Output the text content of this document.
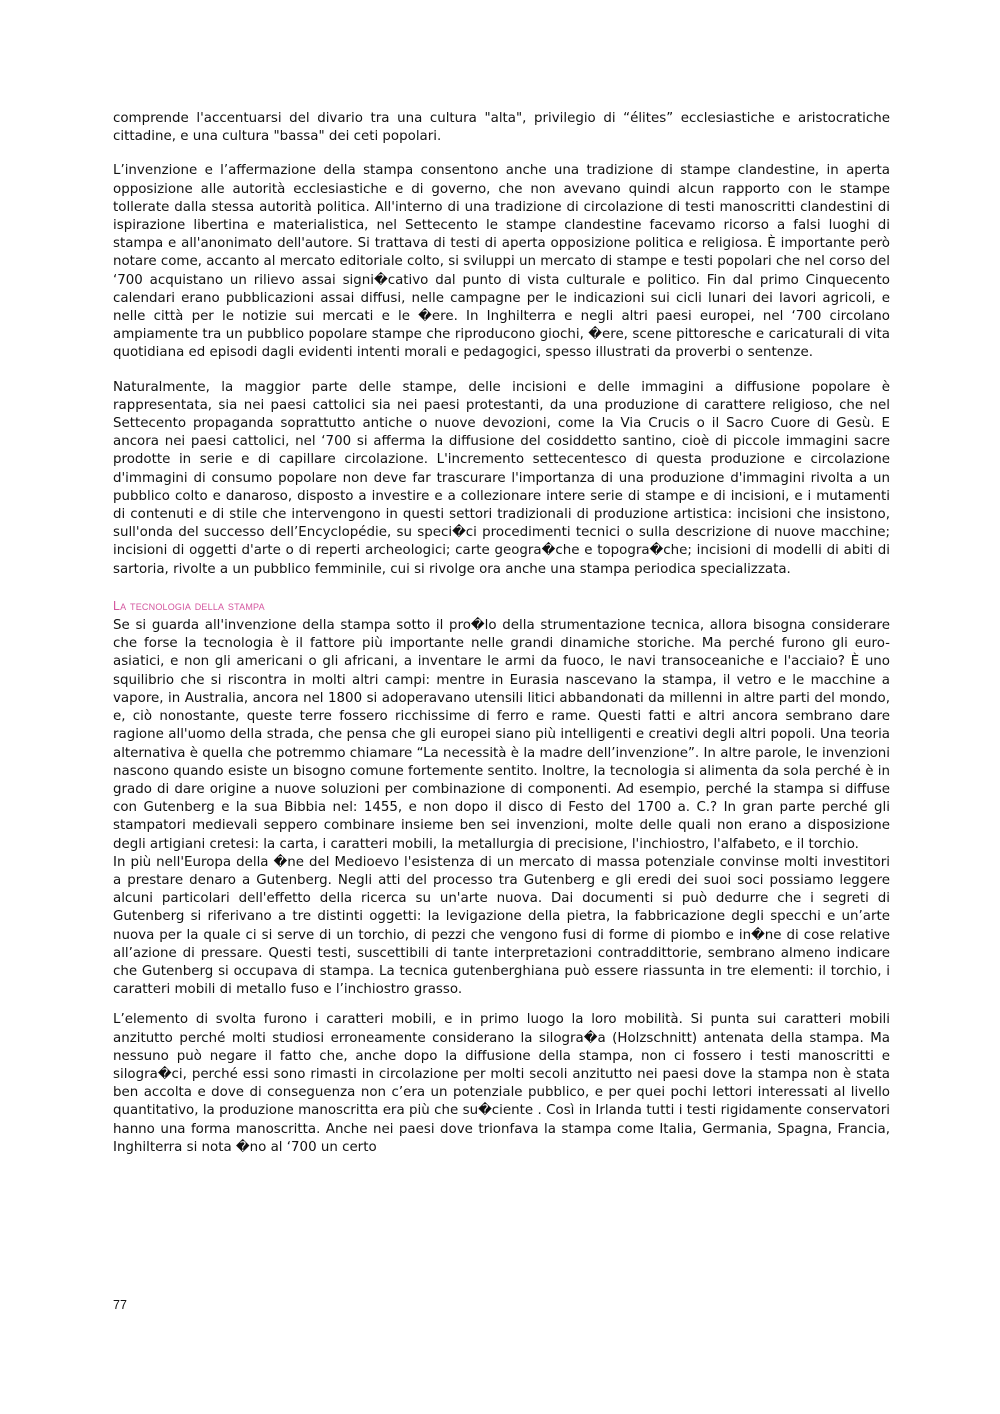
comprende l'accentuarsi del divario tra una cultura "alta", privilegio di “élites” ecclesiastiche e aristocratiche cittadine, e una cultura "bassa" dei ceti popolari.

L’invenzione e l’affermazione della stampa consentono anche una tradizione di stampe clandestine, in aperta opposizione alle autorità ecclesiastiche e di governo, che non avevano quindi alcun rapporto con le stampe tollerate dalla stessa autorità politica. All'interno di una tradizione di circolazione di testi manoscritti clandestini di ispirazione libertina e materialistica, nel Settecento le stampe clandestine facevamo ricorso a falsi luoghi di stampa e all'anonimato dell'autore. Si trattava di testi di aperta opposizione politica e religiosa. È importante però notare come, accanto al mercato editoriale colto, si sviluppi un mercato di stampe e testi popolari che nel corso del ‘700 acquistano un rilievo assai signi�cativo dal punto di vista culturale e politico. Fin dal primo Cinquecento calendari erano pubblicazioni assai diffusi, nelle campagne per le indicazioni sui cicli lunari dei lavori agricoli, e nelle città per le notizie sui mercati e le �ere. In Inghilterra e negli altri paesi europei, nel ‘700 circolano ampiamente tra un pubblico popolare stampe che riproducono giochi, �ere, scene pittoresche e caricaturali di vita quotidiana ed episodi dagli evidenti intenti morali e pedagogici, spesso illustrati da proverbi o sentenze.

Naturalmente, la maggior parte delle stampe, delle incisioni e delle immagini a diffusione popolare è rappresentata, sia nei paesi cattolici sia nei paesi protestanti, da una produzione di carattere religioso, che nel Settecento propaganda soprattutto antiche o nuove devozioni, come la Via Crucis o il Sacro Cuore di Gesù. E ancora nei paesi cattolici, nel ‘700 si afferma la diffusione del cosiddetto santino, cioè di piccole immagini sacre prodotte in serie e di capillare circolazione. L'incremento settecentesco di questa produzione e circolazione d'immagini di consumo popolare non deve far trascurare l'importanza di una produzione d'immagini rivolta a un pubblico colto e danaroso, disposto a investire e a collezionare intere serie di stampe e di incisioni, e i mutamenti di contenuti e di stile che intervengono in questi settori tradizionali di produzione artistica: incisioni che insistono, sull'onda del successo dell’Encyclopédie, su speci�ci procedimenti tecnici o sulla descrizione di nuove macchine; incisioni di oggetti d'arte o di reperti archeologici; carte geogra�che e topogra�che; incisioni di modelli di abiti di sartoria, rivolte a un pubblico femminile, cui si rivolge ora anche una stampa periodica specializzata.

La tecnologia della stampa

Se si guarda all'invenzione della stampa sotto il pro�lo della strumentazione tecnica, allora bisogna considerare che forse la tecnologia è il fattore più importante nelle grandi dinamiche storiche. Ma perché furono gli euro-asiatici, e non gli americani o gli africani, a inventare le armi da fuoco, le navi transoceaniche e l'acciaio? È uno squilibrio che si riscontra in molti altri campi: mentre in Eurasia nascevano la stampa, il vetro e le macchine a vapore, in Australia, ancora nel 1800 si adoperavano utensili litici abbandonati da millenni in altre parti del mondo, e, ciò nonostante, queste terre fossero ricchissime di ferro e rame. Questi fatti e altri ancora sembrano dare ragione all'uomo della strada, che pensa che gli europei siano più intelligenti e creativi degli altri popoli. Una teoria alternativa è quella che potremmo chiamare “La necessità è la madre dell’invenzione”. In altre parole, le invenzioni nascono quando esiste un bisogno comune fortemente sentito. Inoltre, la tecnologia si alimenta da sola perché è in grado di dare origine a nuove soluzioni per combinazione di componenti. Ad esempio, perché la stampa si diffuse con Gutenberg e la sua Bibbia nel: 1455, e non dopo il disco di Festo del 1700 a. C.? In gran parte perché gli stampatori medievali seppero combinare insieme ben sei invenzioni, molte delle quali non erano a disposizione degli artigiani cretesi: la carta, i caratteri mobili, la metallurgia di precisione, l'inchiostro, l'alfabeto, e il torchio.

In più nell'Europa della �ne del Medioevo l'esistenza di un mercato di massa potenziale convinse molti investitori a prestare denaro a Gutenberg. Negli atti del processo tra Gutenberg e gli eredi dei suoi soci possiamo leggere alcuni particolari dell'effetto della ricerca su un'arte nuova. Dai documenti si può dedurre che i segreti di Gutenberg si riferivano a tre distinti oggetti: la levigazione della pietra, la fabbricazione degli specchi e un’arte nuova per la quale ci si serve di un torchio, di pezzi che vengono fusi di forme di piombo e in�ne di cose relative all’azione di pressare. Questi testi, suscettibili di tante interpretazioni contraddittorie, sembrano almeno indicare che Gutenberg si occupava di stampa. La tecnica gutenberghiana può essere riassunta in tre elementi: il torchio, i caratteri mobili di metallo fuso e l’inchiostro grasso.

L’elemento di svolta furono i caratteri mobili, e in primo luogo la loro mobilità. Si punta sui caratteri mobili anzitutto perché molti studiosi erroneamente considerano la silogra�a (Holzschnitt) antenata della stampa. Ma nessuno può negare il fatto che, anche dopo la diffusione della stampa, non ci fossero i testi manoscritti e silogra�ci, perché essi sono rimasti in circolazione per molti secoli anzitutto nei paesi dove la stampa non è stata ben accolta e dove di conseguenza non c’era un potenziale pubblico, e per quei pochi lettori interessati al livello quantitativo, la produzione manoscritta era più che su�ciente . Così in Irlanda tutti i testi rigidamente conservatori hanno una forma manoscritta. Anche nei paesi dove trionfava la stampa come Italia, Germania, Spagna, Francia, Inghilterra si nota �no al ‘700 un certo

77
